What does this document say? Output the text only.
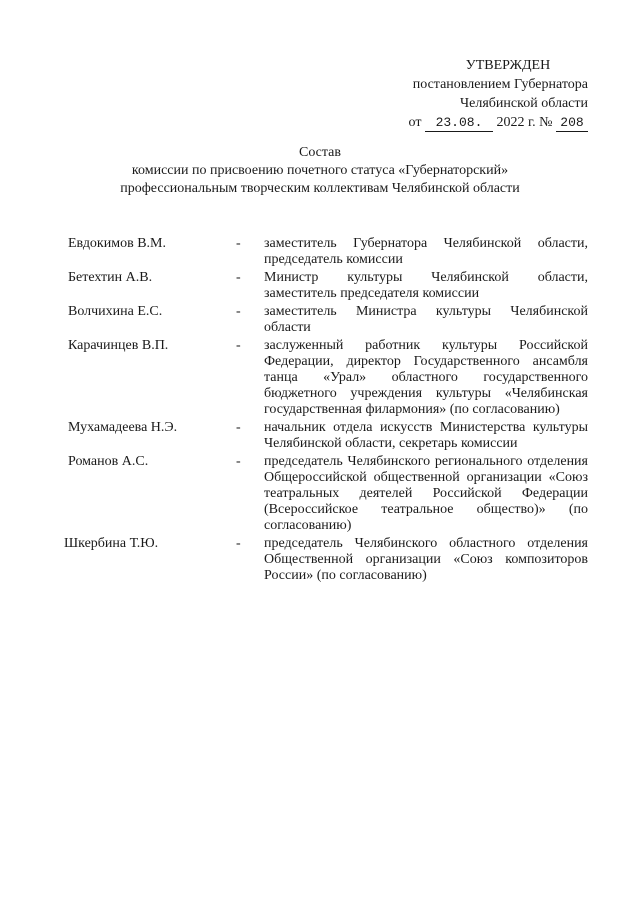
УТВЕРЖДЕН
постановлением Губернатора
Челябинской области
от 23.08. 2022 г. № 208
Состав
комиссии по присвоению почетного статуса «Губернаторский»
профессиональным творческим коллективам Челябинской области
Евдокимов В.М.	-	заместитель Губернатора Челябинской области, председатель комиссии
Бетехтин А.В.	-	Министр культуры Челябинской области, заместитель председателя комиссии
Волчихина Е.С.	-	заместитель Министра культуры Челябинской области
Карачинцев В.П.	-	заслуженный работник культуры Российской Федерации, директор Государственного ансамбля танца «Урал» областного государственного бюджетного учреждения культуры «Челябинская государственная филармония» (по согласованию)
Мухамадеева Н.Э.	-	начальник отдела искусств Министерства культуры Челябинской области, секретарь комиссии
Романов А.С.	-	председатель Челябинского регионального отделения Общероссийской общественной организации «Союз театральных деятелей Российской Федерации (Всероссийское театральное общество)» (по согласованию)
Шкербина Т.Ю.	-	председатель Челябинского областного отделения Общественной организации «Союз композиторов России» (по согласованию)
